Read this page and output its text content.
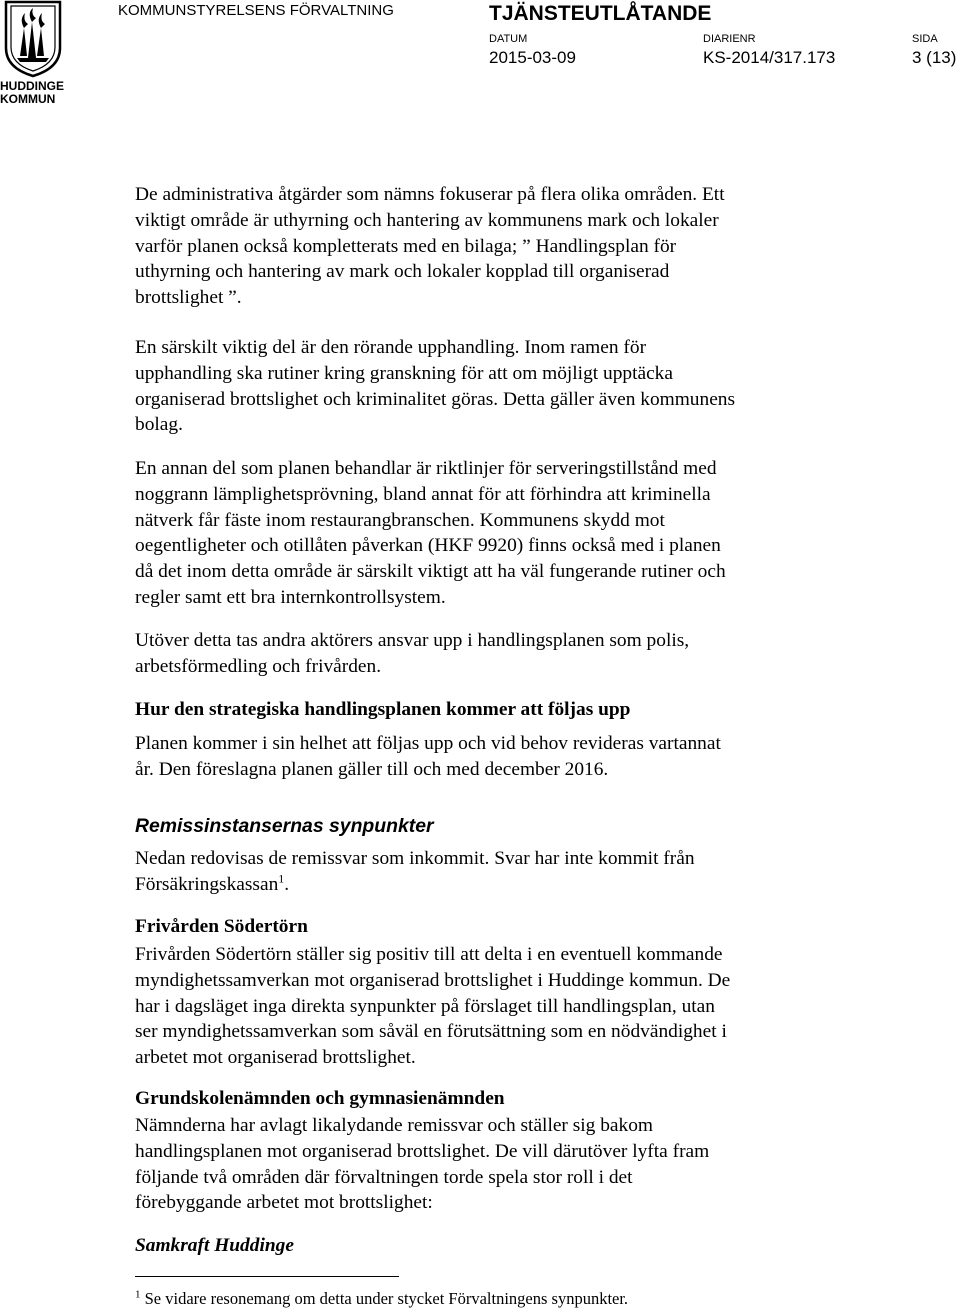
HUDDINGE
KOMMUN
KOMMUNSTYRELSENS FÖRVALTNING	TJÄNSTEUTLÅTANDE
DATUM
2015-03-09
DIARIENR
KS-2014/317.173
SIDA
3 (13)
De administrativa åtgärder som nämns fokuserar på flera olika områden. Ett
viktigt område är uthyrning och hantering av kommunens mark och lokaler
varför planen också kompletterats med en bilaga; ” Handlingsplan för
uthyrning och hantering av mark och lokaler kopplad till organiserad
brottslighet ”.
En särskilt viktig del är den rörande upphandling. Inom ramen för
upphandling ska rutiner kring granskning för att om möjligt upptäcka
organiserad brottslighet och kriminalitet göras. Detta gäller även kommunens
bolag.
En annan del som planen behandlar är riktlinjer för serveringstillstånd med
noggrann lämplighetsprövning, bland annat för att förhindra att kriminella
nätverk får fäste inom restaurangbranschen. Kommunens skydd mot
oegentligheter och otillåten påverkan (HKF 9920) finns också med i planen
då det inom detta område är särskilt viktigt att ha väl fungerande rutiner och
regler samt ett bra internkontrollsystem.
Utöver detta tas andra aktörers ansvar upp i handlingsplanen som polis,
arbetsförmedling och frivården.
Hur den strategiska handlingsplanen kommer att följas upp
Planen kommer i sin helhet att följas upp och vid behov revideras vartannat
år. Den föreslagna planen gäller till och med december 2016.
Remissinstansernas synpunkter
Nedan redovisas de remissvar som inkommit. Svar har inte kommit från
Försäkringskassan$^1$.
Frivården Södertörn
Frivården Södertörn ställer sig positiv till att delta i en eventuell kommande
myndighetssamverkan mot organiserad brottslighet i Huddinge kommun. De
har i dagsläget inga direkta synpunkter på förslaget till handlingsplan, utan
ser myndighetssamverkan som såväl en förutsättning som en nödvändighet i
arbetet mot organiserad brottslighet.
Grundskolenämnden och gymnasienämnden
Nämnderna har avlagt likalydande remissvar och ställer sig bakom
handlingsplanen mot organiserad brottslighet. De vill därutöver lyfta fram
följande två områden där förvaltningen torde spela stor roll i det
förebyggande arbetet mot brottslighet:
Samkraft Huddinge
$^1$ Se vidare resonemang om detta under stycket Förvaltningens synpunkter.
